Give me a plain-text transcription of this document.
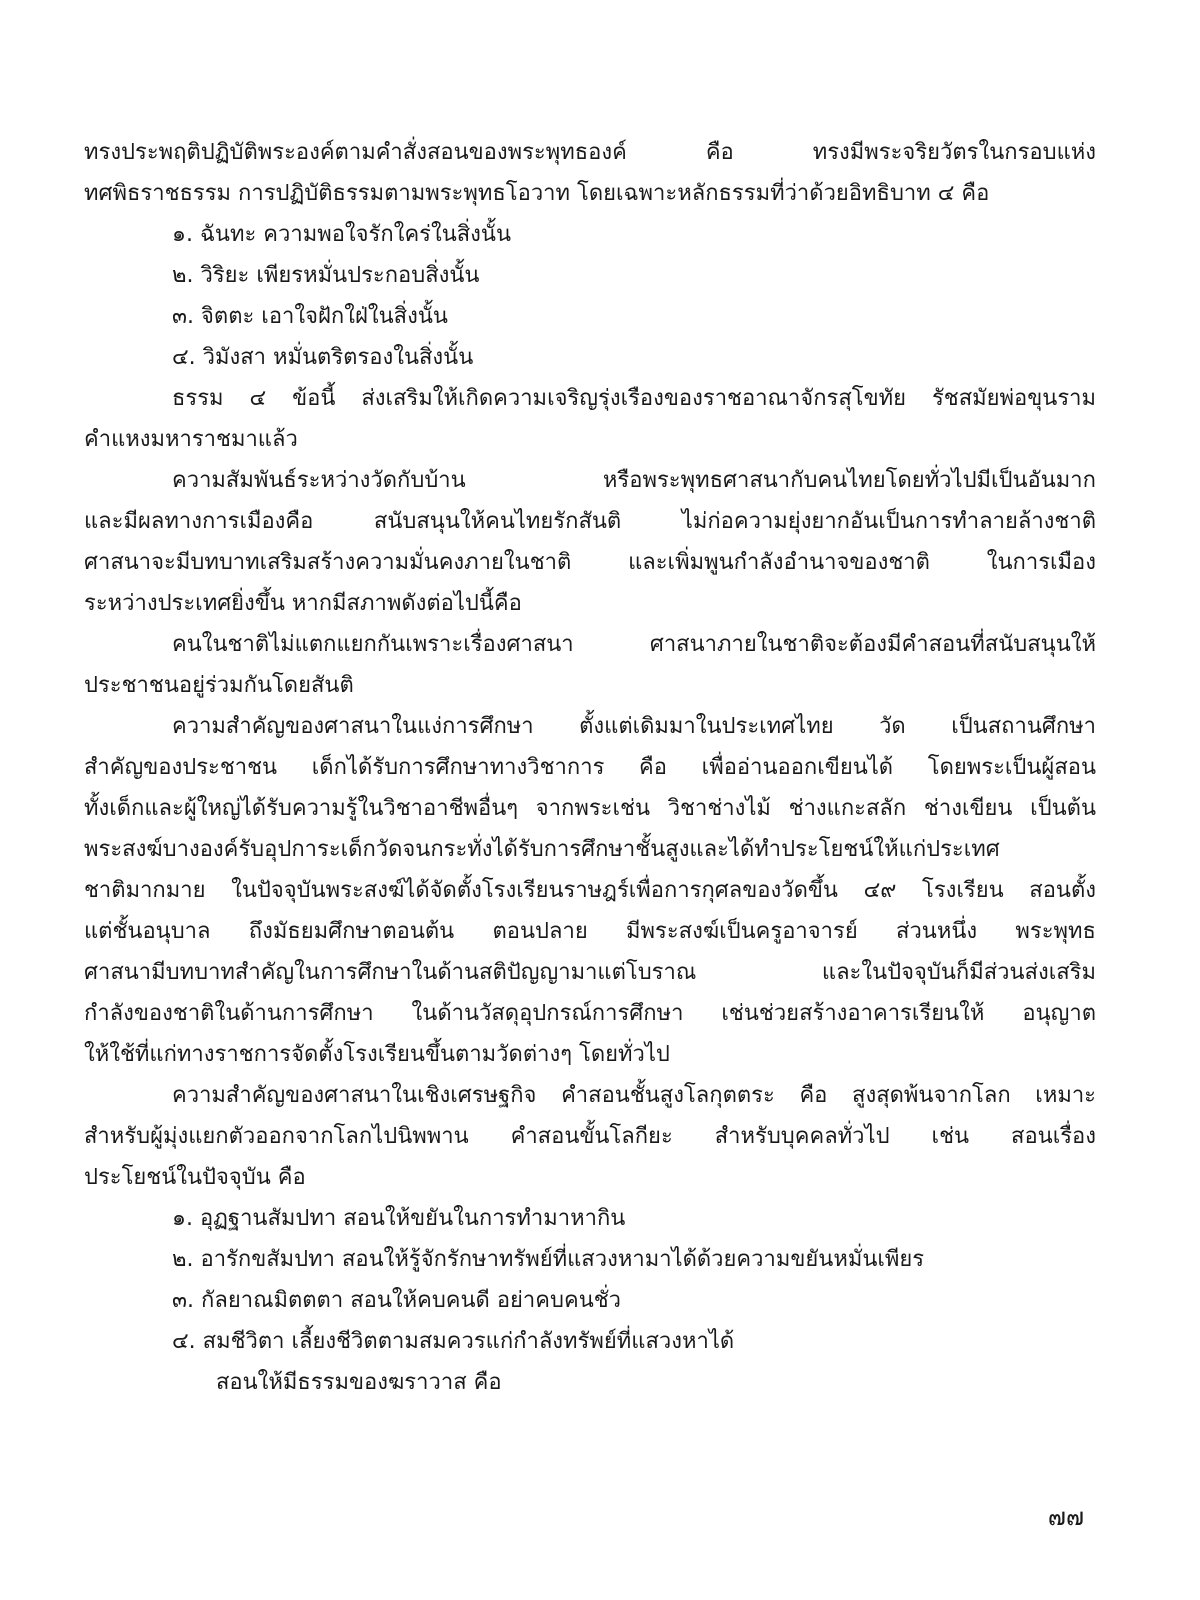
ทรงประพฤติปฏิบัติพระองค์ตามคำสั่งสอนของพระพุทธองค์ คือ ทรงมีพระจริยวัตรในกรอบแห่ง
ทศพิธราชธรรม การปฏิบัติธรรมตามพระพุทธโอวาท โดยเฉพาะหลักธรรมที่ว่าด้วยอิทธิบาท ๔ คือ
๑. ฉันทะ ความพอใจรักใคร่ในสิ่งนั้น
๒. วิริยะ เพียรหมั่นประกอบสิ่งนั้น
๓. จิตตะ เอาใจฝักใฝ่ในสิ่งนั้น
๔. วิมังสา หมั่นตริตรองในสิ่งนั้น
ธรรม ๔ ข้อนี้ ส่งเสริมให้เกิดความเจริญรุ่งเรืองของราชอาณาจักรสุโขทัย รัชสมัยพ่อขุนราม
คำแหงมหาราชมาแล้ว
ความสัมพันธ์ระหว่างวัดกับบ้าน หรือพระพุทธศาสนากับคนไทยโดยทั่วไปมีเป็นอันมาก
และมีผลทางการเมืองคือ สนับสนุนให้คนไทยรักสันติ ไม่ก่อความยุ่งยากอันเป็นการทำลายล้างชาติ
ศาสนาจะมีบทบาทเสริมสร้างความมั่นคงภายในชาติ และเพิ่มพูนกำลังอำนาจของชาติ ในการเมือง
ระหว่างประเทศยิ่งขึ้น หากมีสภาพดังต่อไปนี้คือ
คนในชาติไม่แตกแยกกันเพราะเรื่องศาสนา ศาสนาภายในชาติจะต้องมีคำสอนที่สนับสนุนให้
ประชาชนอยู่ร่วมกันโดยสันติ
ความสำคัญของศาสนาในแง่การศึกษา ตั้งแต่เดิมมาในประเทศไทย วัด เป็นสถานศึกษา
สำคัญของประชาชน เด็กได้รับการศึกษาทางวิชาการ คือ เพื่ออ่านออกเขียนได้ โดยพระเป็นผู้สอน
ทั้งเด็กและผู้ใหญ่ได้รับความรู้ในวิชาอาชีพอื่นๆ จากพระเช่น วิชาช่างไม้ ช่างแกะสลัก ช่างเขียน เป็นต้น
พระสงฆ์บางองค์รับอุปการะเด็กวัดจนกระทั่งได้รับการศึกษาชั้นสูงและได้ทำประโยชน์ให้แก่ประเทศ
ชาติมากมาย ในปัจจุบันพระสงฆ์ได้จัดตั้งโรงเรียนราษฎร์เพื่อการกุศลของวัดขึ้น ๔๙ โรงเรียน สอนตั้ง
แต่ชั้นอนุบาล ถึงมัธยมศึกษาตอนต้น ตอนปลาย มีพระสงฆ์เป็นครูอาจารย์ ส่วนหนึ่ง พระพุทธ
ศาสนามีบทบาทสำคัญในการศึกษาในด้านสติปัญญามาแต่โบราณ และในปัจจุบันก็มีส่วนส่งเสริม
กำลังของชาติในด้านการศึกษา ในด้านวัสดุอุปกรณ์การศึกษา เช่นช่วยสร้างอาคารเรียนให้ อนุญาต
ให้ใช้ที่แก่ทางราชการจัดตั้งโรงเรียนขึ้นตามวัดต่างๆ โดยทั่วไป
ความสำคัญของศาสนาในเชิงเศรษฐกิจ คำสอนชั้นสูงโลกุตตระ คือ สูงสุดพ้นจากโลก เหมาะ
สำหรับผู้มุ่งแยกตัวออกจากโลกไปนิพพาน คำสอนขั้นโลกียะ สำหรับบุคคลทั่วไป เช่น สอนเรื่อง
ประโยชน์ในปัจจุบัน คือ
๑. อุฏฐานสัมปทา สอนให้ขยันในการทำมาหากิน
๒. อารักขสัมปทา สอนให้รู้จักรักษาทรัพย์ที่แสวงหามาได้ด้วยความขยันหมั่นเพียร
๓. กัลยาณมิตตตา สอนให้คบคนดี อย่าคบคนชั่ว
๔. สมชีวิตา เลี้ยงชีวิตตามสมควรแก่กำลังทรัพย์ที่แสวงหาได้
สอนให้มีธรรมของฆราวาส คือ
๗๗
